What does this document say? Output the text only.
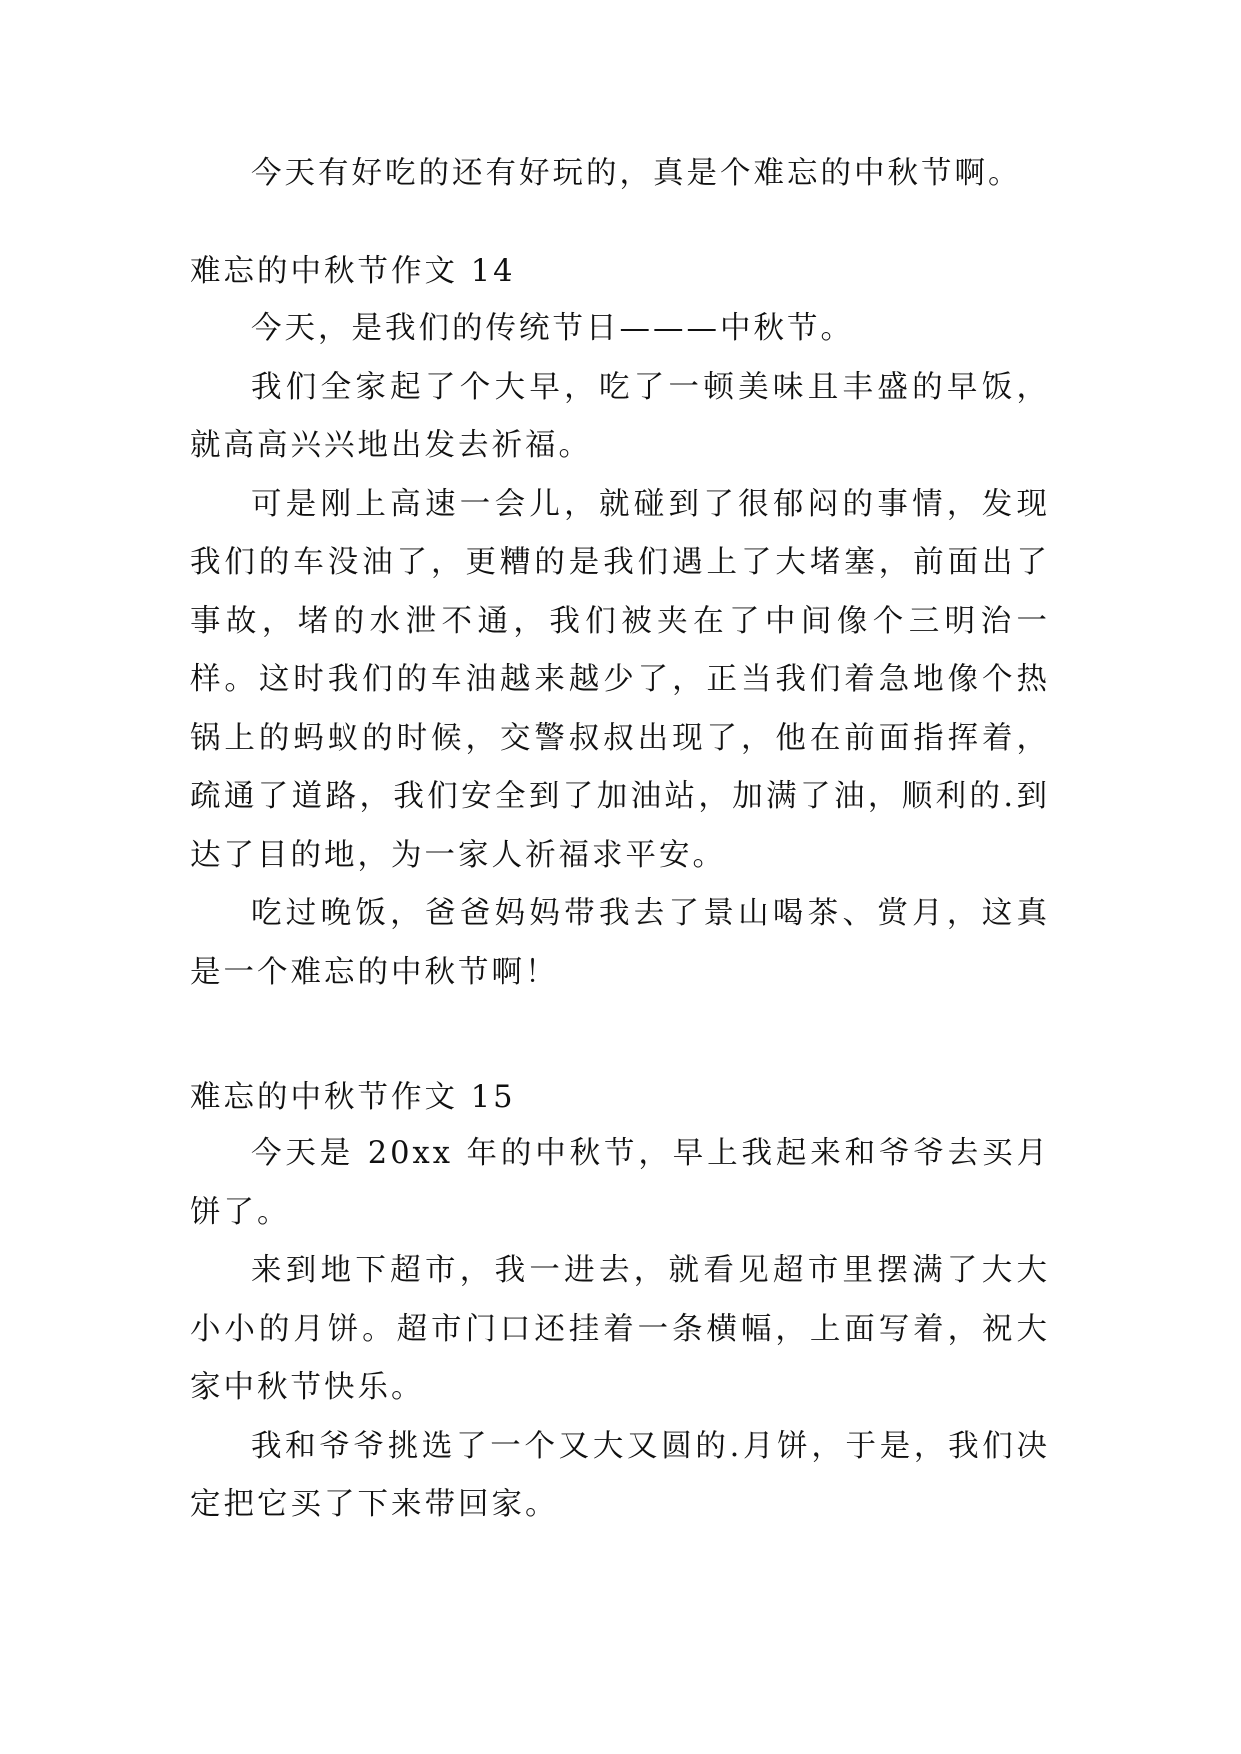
今天有好吃的还有好玩的，真是个难忘的中秋节啊。

难忘的中秋节作文 14

今天，是我们的传统节日———中秋节。

我们全家起了个大早，吃了一顿美味且丰盛的早饭，就高高兴兴地出发去祈福。

可是刚上高速一会儿，就碰到了很郁闷的事情，发现我们的车没油了，更糟的是我们遇上了大堵塞，前面出了事故，堵的水泄不通，我们被夹在了中间像个三明治一样。这时我们的车油越来越少了，正当我们着急地像个热锅上的蚂蚁的时候，交警叔叔出现了，他在前面指挥着，疏通了道路，我们安全到了加油站，加满了油，顺利的.到达了目的地，为一家人祈福求平安。

吃过晚饭，爸爸妈妈带我去了景山喝茶、赏月，这真是一个难忘的中秋节啊！

难忘的中秋节作文 15

今天是 20xx 年的中秋节，早上我起来和爷爷去买月饼了。

来到地下超市，我一进去，就看见超市里摆满了大大小小的月饼。超市门口还挂着一条横幅，上面写着，祝大家中秋节快乐。

我和爷爷挑选了一个又大又圆的.月饼，于是，我们决定把它买了下来带回家。
